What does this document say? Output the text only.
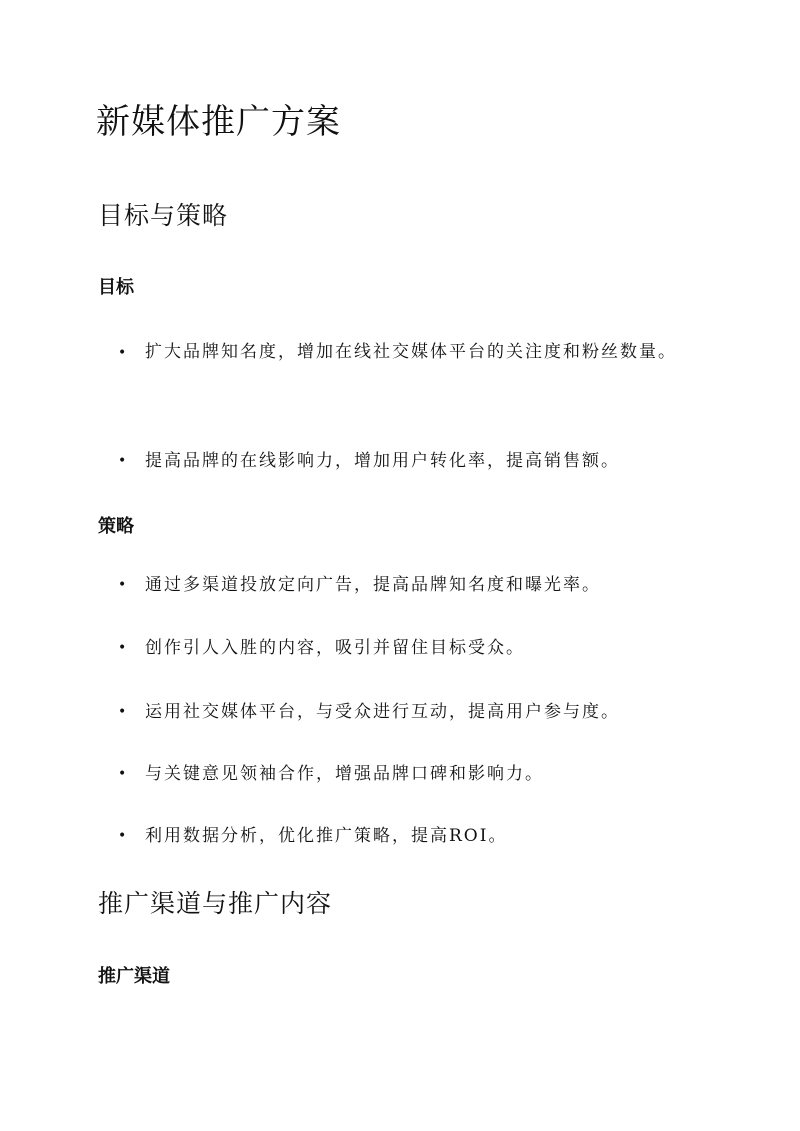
新媒体推广方案
目标与策略
目标
• 扩大品牌知名度，增加在线社交媒体平台的关注度和粉丝数量。
• 提高品牌的在线影响力，增加用户转化率，提高销售额。
策略
• 通过多渠道投放定向广告，提高品牌知名度和曝光率。
• 创作引人入胜的内容，吸引并留住目标受众。
• 运用社交媒体平台，与受众进行互动，提高用户参与度。
• 与关键意见领袖合作，增强品牌口碑和影响力。
• 利用数据分析，优化推广策略，提高ROI。
推广渠道与推广内容
推广渠道
